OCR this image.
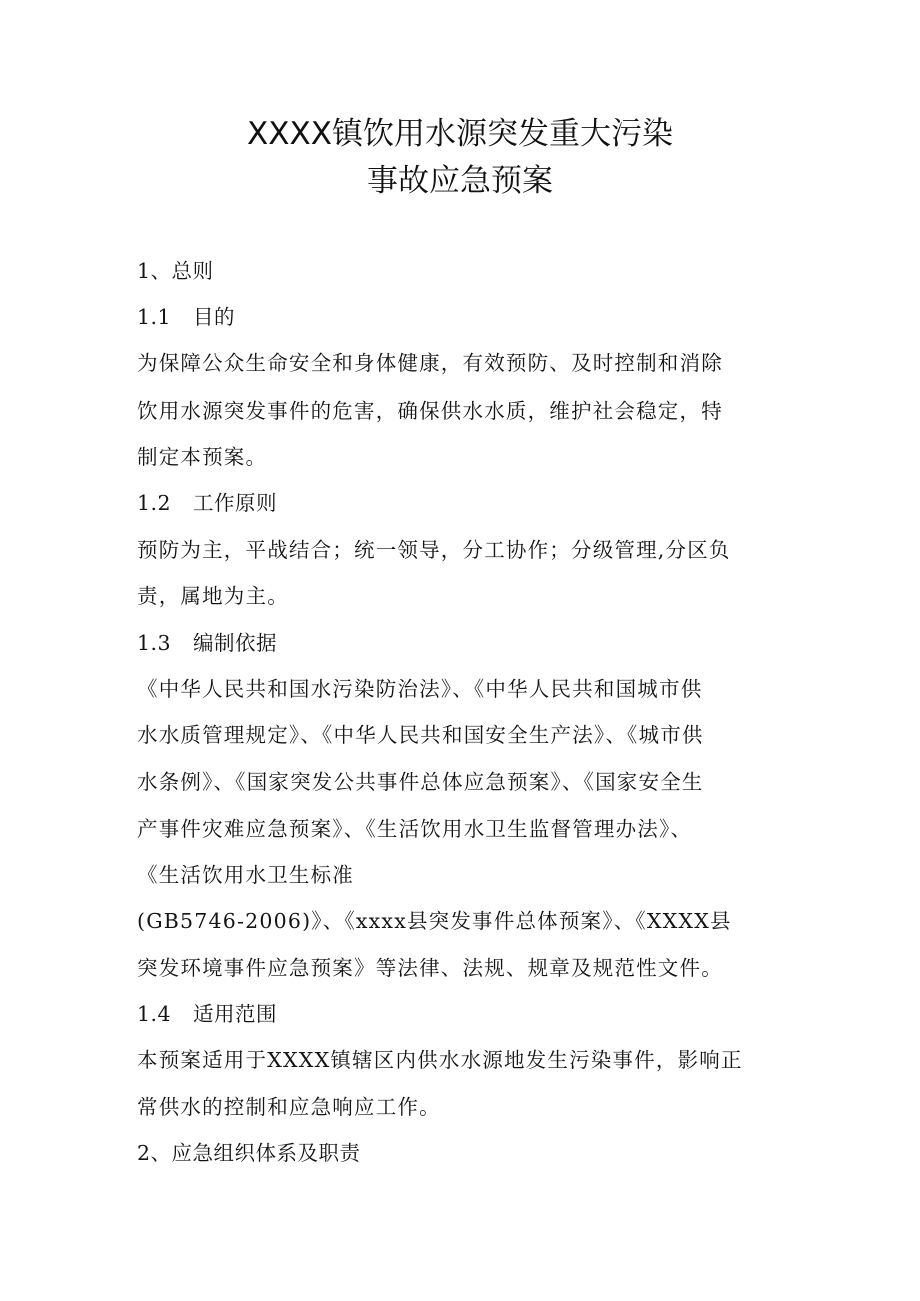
XXXX镇饮用水源突发重大污染
事故应急预案
1、总则
1.1 目的
为保障公众生命安全和身体健康，有效预防、及时控制和消除
饮用水源突发事件的危害，确保供水水质，维护社会稳定，特
制定本预案。
1.2 工作原则
预防为主，平战结合；统一领导，分工协作；分级管理,分区负
责，属地为主。
1.3 编制依据
《中华人民共和国水污染防治法》、《中华人民共和国城市供
水水质管理规定》、《中华人民共和国安全生产法》、《城市供
水条例》、《国家突发公共事件总体应急预案》、《国家安全生
产事件灾难应急预案》、《生活饮用水卫生监督管理办法》、
《生活饮用水卫生标准
(GB5746-2006)》、《xxxx县突发事件总体预案》、《XXXX县
突发环境事件应急预案》等法律、法规、规章及规范性文件。
1.4 适用范围
本预案适用于XXXX镇辖区内供水水源地发生污染事件，影响正
常供水的控制和应急响应工作。
2、应急组织体系及职责
